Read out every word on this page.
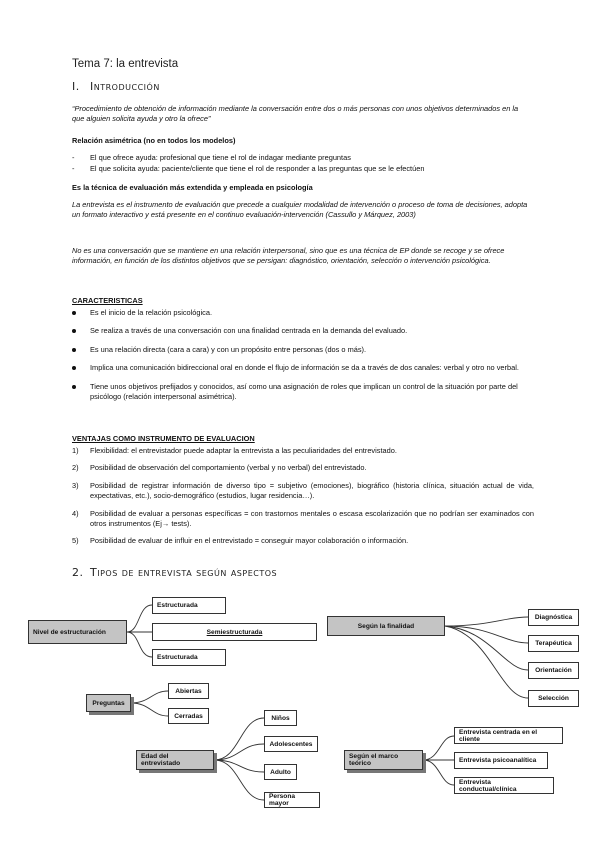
Tema 7: la entrevista
I. Introducción
“Procedimiento de obtención de información mediante la conversación entre dos o más personas con unos objetivos determinados en la que alguien solicita ayuda y otro la ofrece”
Relación asimétrica (no en todos los modelos)
- El que ofrece ayuda: profesional que tiene el rol de indagar mediante preguntas
- El que solicita ayuda: paciente/cliente que tiene el rol de responder a las preguntas que se le efectúen
Es la técnica de evaluación más extendida y empleada en psicología
La entrevista es el instrumento de evaluación que precede a cualquier modalidad de intervención o proceso de toma de decisiones, adopta un formato interactivo y está presente en el continuo evaluación-intervención (Cassullo y Márquez, 2003)
No es una conversación que se mantiene en una relación interpersonal, sino que es una técnica de EP donde se recoge y se ofrece información, en función de los distintos objetivos que se persigan: diagnóstico, orientación, selección o intervención psicológica.
CARACTERISTICAS
Es el inicio de la relación psicológica.
Se realiza a través de una conversación con una finalidad centrada en la demanda del evaluado.
Es una relación directa (cara a cara) y con un propósito entre personas (dos o más).
Implica una comunicación bidireccional oral en donde el flujo de información se da a través de dos canales: verbal y otro no verbal.
Tiene unos objetivos prefijados y conocidos, así como una asignación de roles que implican un control de la situación por parte del psicólogo (relación interpersonal asimétrica).
VENTAJAS COMO INSTRUMENTO DE EVALUACION
1) Flexibilidad: el entrevistador puede adaptar la entrevista a las peculiaridades del entrevistado.
2) Posibilidad de observación del comportamiento (verbal y no verbal) del entrevistado.
3) Posibilidad de registrar información de diverso tipo = subjetivo (emociones), biográfico (historia clínica, situación actual de vida, expectativas, etc.), socio-demográfico (estudios, lugar residencia…).
4) Posibilidad de evaluar a personas específicas = con trastornos mentales o escasa escolarización que no podrían ser examinados con otros instrumentos (Ej→ tests).
5) Posibilidad de evaluar de influir en el entrevistado = conseguir mayor colaboración o información.
2. Tipos de entrevista según aspectos
Nivel de estructuración
Estructurada
Semiestructurada
Estructurada
Según la finalidad
Diagnóstica
Terapéutica
Orientación
Selección
Preguntas
Abiertas
Cerradas
Edad del entrevistado
Niños
Adolescentes
Adulto
Persona mayor
Según el marco teórico
Entrevista centrada en el cliente
Entrevista psicoanalítica
Entrevista conductual/clínica
